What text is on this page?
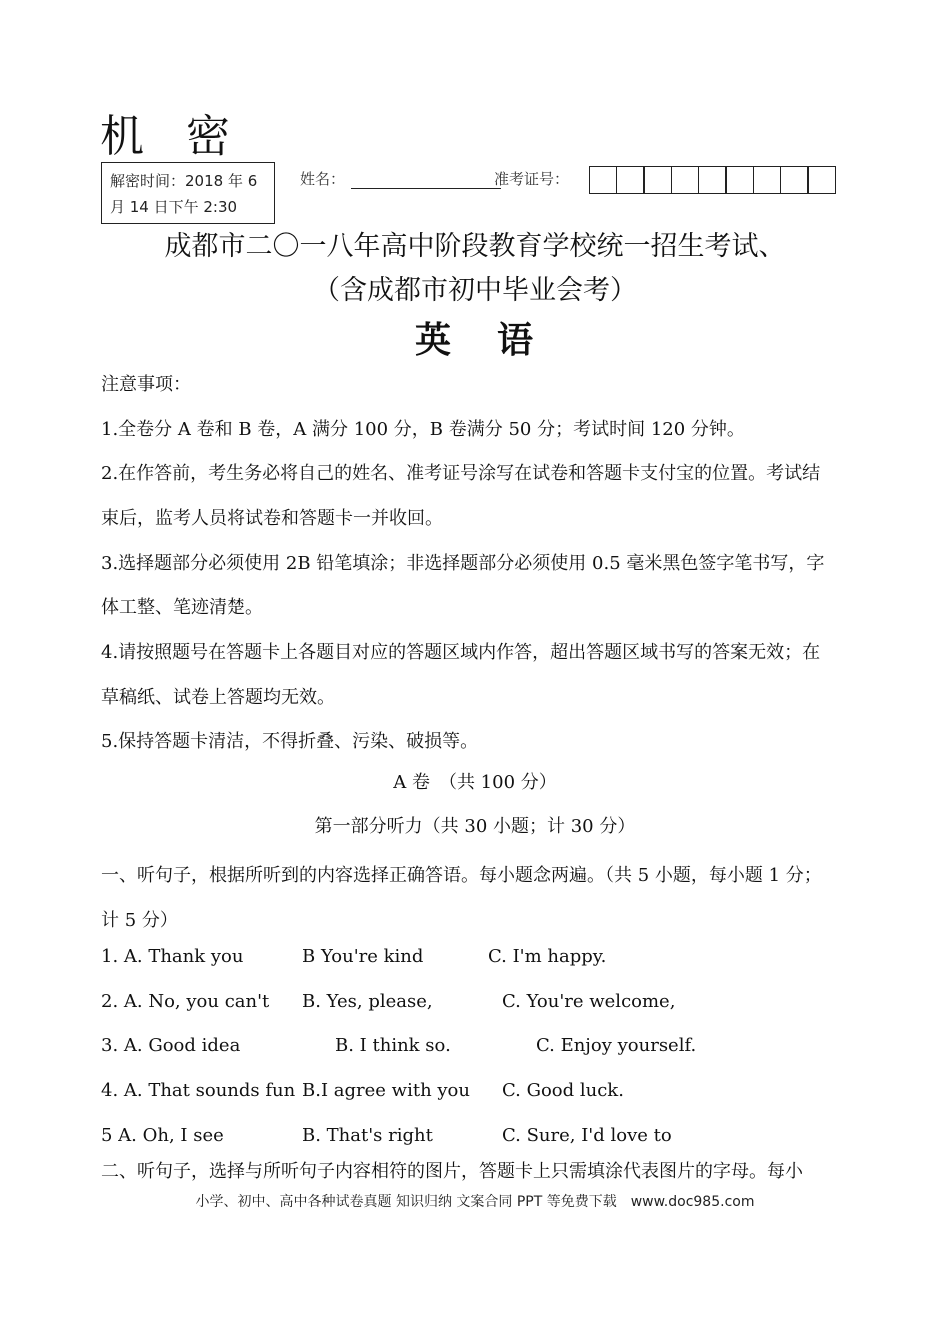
机 密
解密时间：2018 年 6
月 14 日下午 2:30
姓名：	准考证号：
成都市二〇一八年高中阶段教育学校统一招生考试、
（含成都市初中毕业会考）
英 语
注意事项：
1.全卷分 A 卷和 B 卷，A 满分 100 分，B 卷满分 50 分；考试时间 120 分钟。
2.在作答前，考生务必将自己的姓名、准考证号涂写在试卷和答题卡支付宝的位置。考试结
束后，监考人员将试卷和答题卡一并收回。
3.选择题部分必须使用 2B 铅笔填涂；非选择题部分必须使用 0.5 毫米黑色签字笔书写，字
体工整、笔迹清楚。
4.请按照题号在答题卡上各题目对应的答题区域内作答，超出答题区域书写的答案无效；在
草稿纸、试卷上答题均无效。
5.保持答题卡清洁，不得折叠、污染、破损等。
A 卷　（共 100 分）
第一部分听力（共 30 小题；计 30 分）
一、听句子，根据所听到的内容选择正确答语。每小题念两遍。（共 5 小题，每小题 1 分；
计 5 分）
1. A. Thank you	B You're kind	C. I'm happy.
2. A. No, you can't B. Yes, please,	C. You're welcome,
3. A. Good idea	B. I think so.	C. Enjoy yourself.
4. A. That sounds fun B.I agree with you C. Good luck.
5 A. Oh, I see	B. That's right	C. Sure, I'd love to
二、听句子，选择与所听句子内容相符的图片，答题卡上只需填涂代表图片的字母。每小
小学、初中、高中各种试卷真题 知识归纳 文案合同 PPT 等免费下载　www.doc985.com
